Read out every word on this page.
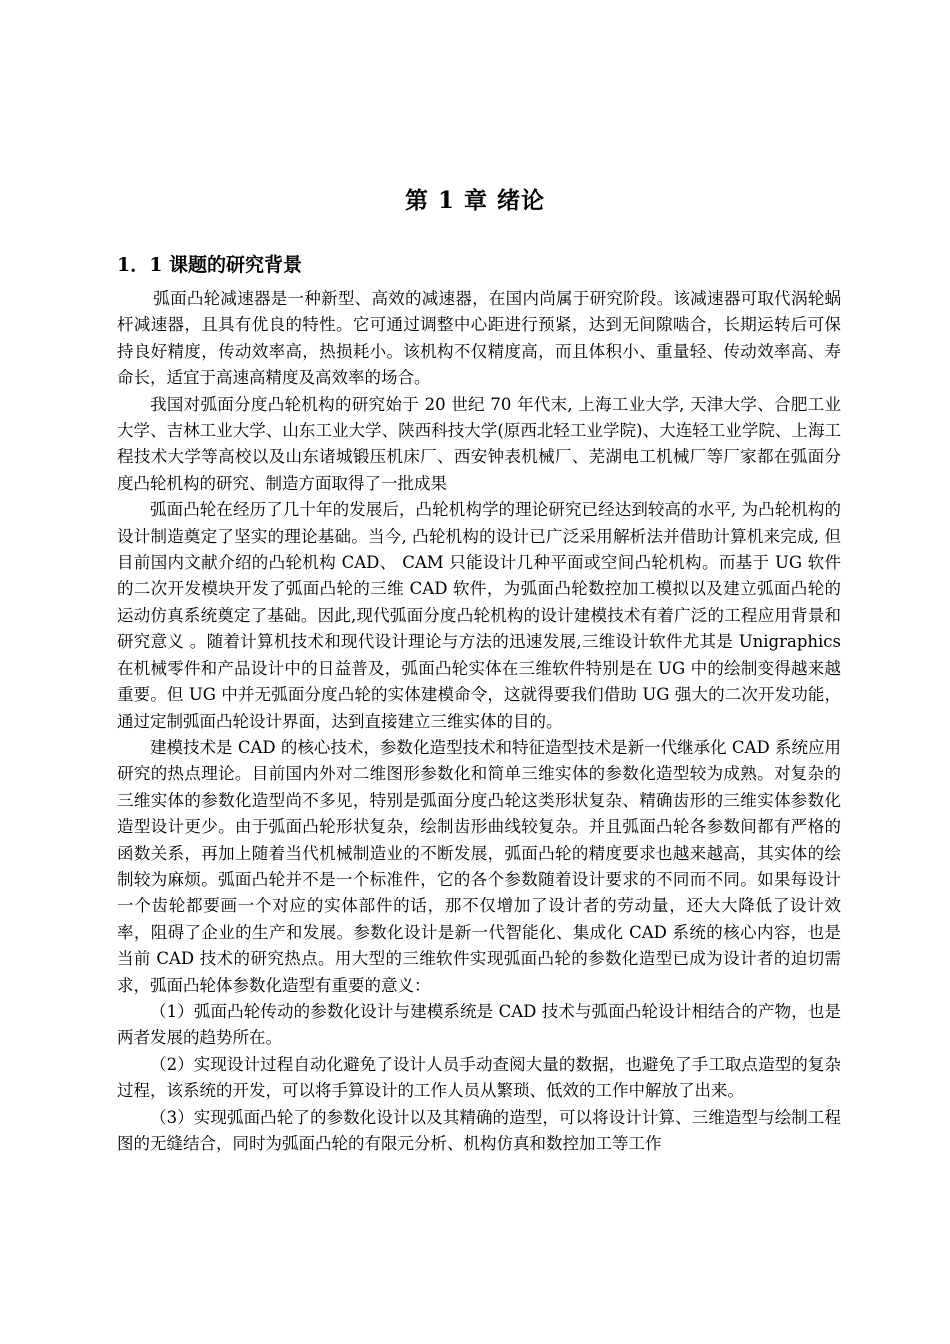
第 1 章 绪论
1．1 课题的研究背景

弧面凸轮减速器是一种新型、高效的减速器，在国内尚属于研究阶段。该减速器可取代涡轮蜗杆减速器，且具有优良的特性。它可通过调整中心距进行预紧，达到无间隙啮合，长期运转后可保持良好精度，传动效率高，热损耗小。该机构不仅精度高，而且体积小、重量轻、传动效率高、寿命长，适宜于高速高精度及高效率的场合。

我国对弧面分度凸轮机构的研究始于 20 世纪 70 年代末, 上海工业大学, 天津大学、合肥工业大学、吉林工业大学、山东工业大学、陕西科技大学(原西北轻工业学院)、大连轻工业学院、上海工程技术大学等高校以及山东诸城锻压机床厂、西安钟表机械厂、芜湖电工机械厂等厂家都在弧面分度凸轮机构的研究、制造方面取得了一批成果

弧面凸轮在经历了几十年的发展后，凸轮机构学的理论研究已经达到较高的水平, 为凸轮机构的设计制造奠定了坚实的理论基础。当今, 凸轮机构的设计已广泛采用解析法并借助计算机来完成, 但目前国内文献介绍的凸轮机构 CAD、 CAM 只能设计几种平面或空间凸轮机构。而基于 UG 软件的二次开发模块开发了弧面凸轮的三维 CAD 软件，为弧面凸轮数控加工模拟以及建立弧面凸轮的运动仿真系统奠定了基础。因此,现代弧面分度凸轮机构的设计建模技术有着广泛的工程应用背景和研究意义 。随着计算机技术和现代设计理论与方法的迅速发展,三维设计软件尤其是 Unigraphics 在机械零件和产品设计中的日益普及，弧面凸轮实体在三维软件特别是在 UG 中的绘制变得越来越重要。但 UG 中并无弧面分度凸轮的实体建模命令，这就得要我们借助 UG 强大的二次开发功能，通过定制弧面凸轮设计界面，达到直接建立三维实体的目的。

建模技术是 CAD 的核心技术，参数化造型技术和特征造型技术是新一代继承化 CAD 系统应用研究的热点理论。目前国内外对二维图形参数化和简单三维实体的参数化造型较为成熟。对复杂的三维实体的参数化造型尚不多见，特别是弧面分度凸轮这类形状复杂、精确齿形的三维实体参数化造型设计更少。由于弧面凸轮形状复杂，绘制齿形曲线较复杂。并且弧面凸轮各参数间都有严格的函数关系，再加上随着当代机械制造业的不断发展，弧面凸轮的精度要求也越来越高，其实体的绘制较为麻烦。弧面凸轮并不是一个标准件，它的各个参数随着设计要求的不同而不同。如果每设计一个齿轮都要画一个对应的实体部件的话，那不仅增加了设计者的劳动量，还大大降低了设计效率，阻碍了企业的生产和发展。参数化设计是新一代智能化、集成化 CAD 系统的核心内容，也是当前 CAD 技术的研究热点。用大型的三维软件实现弧面凸轮的参数化造型已成为设计者的迫切需求，弧面凸轮体参数化造型有重要的意义：

（1）弧面凸轮传动的参数化设计与建模系统是 CAD 技术与弧面凸轮设计相结合的产物，也是两者发展的趋势所在。

（2）实现设计过程自动化避免了设计人员手动查阅大量的数据，也避免了手工取点造型的复杂过程，该系统的开发，可以将手算设计的工作人员从繁琐、低效的工作中解放了出来。

（3）实现弧面凸轮了的参数化设计以及其精确的造型，可以将设计计算、三维造型与绘制工程图的无缝结合，同时为弧面凸轮的有限元分析、机构仿真和数控加工等工作
